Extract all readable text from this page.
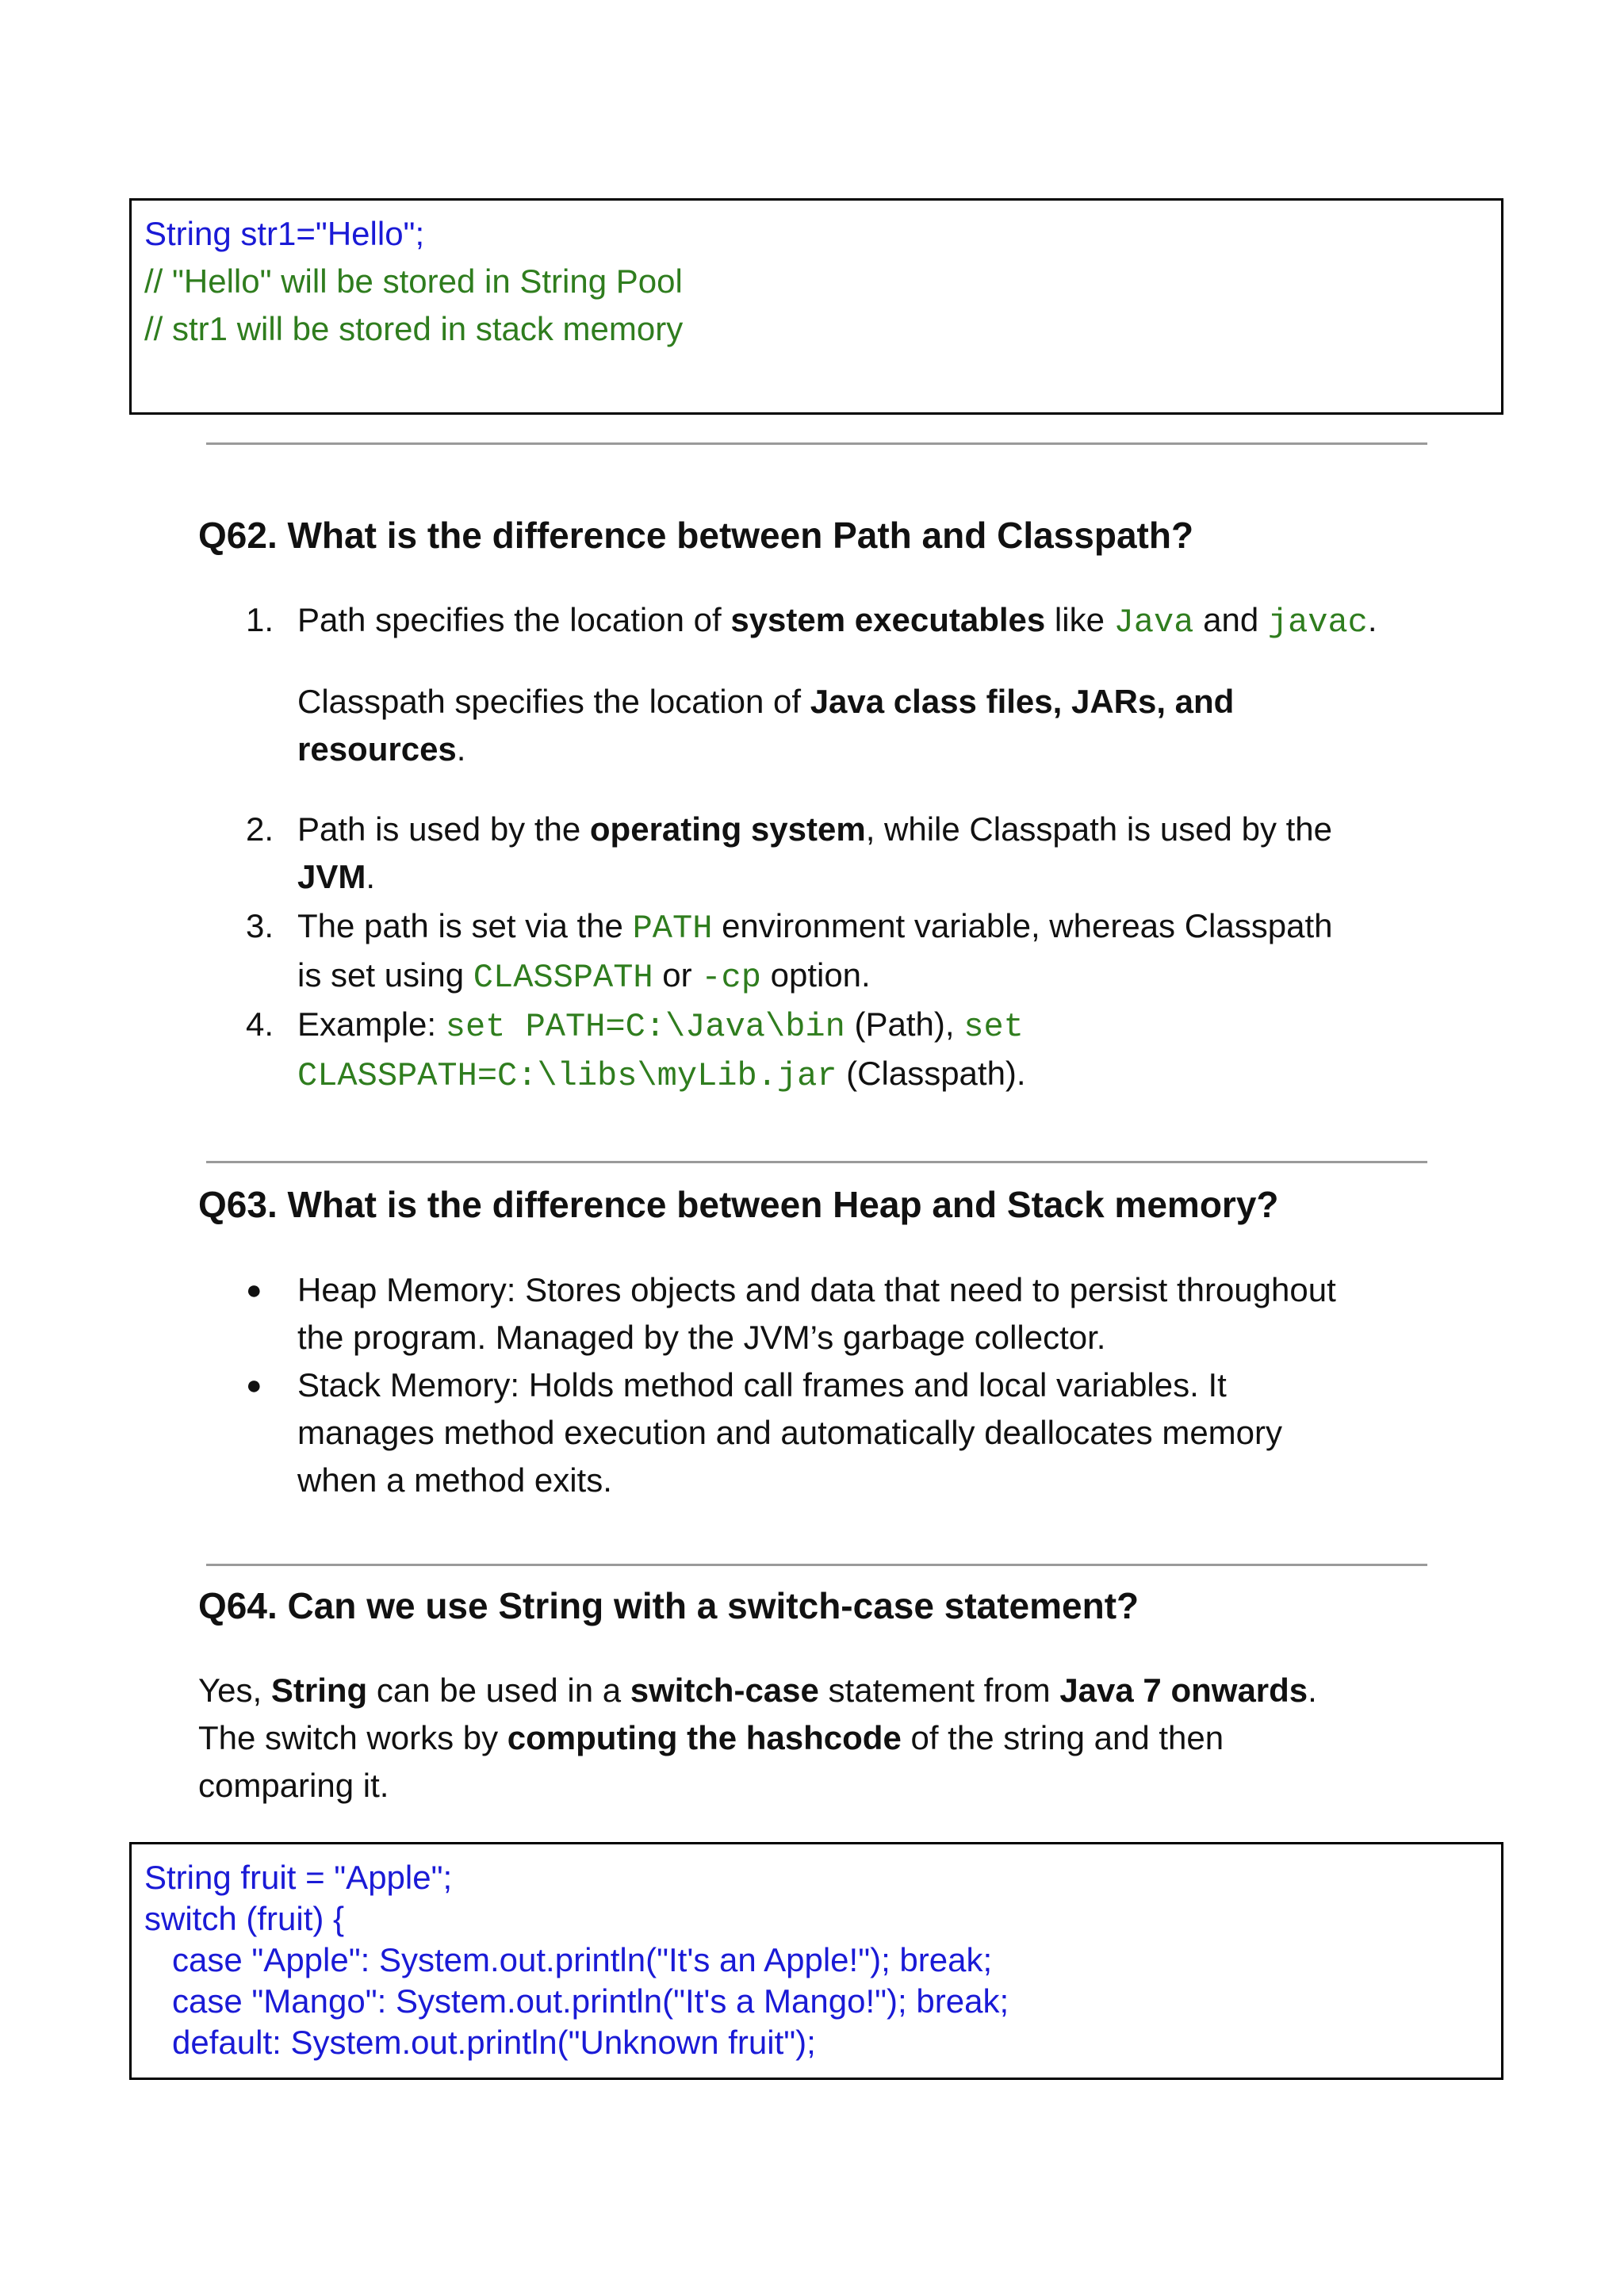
String str1="Hello";
// "Hello" will be stored in String Pool
// str1 will be stored in stack memory
Q62. What is the difference between Path and Classpath?
1. Path specifies the location of system executables like Java and javac.
Classpath specifies the location of Java class files, JARs, and
resources.
2. Path is used by the operating system, while Classpath is used by the
JVM.
3. The path is set via the PATH environment variable, whereas Classpath
is set using CLASSPATH or -cp option.
4. Example: set PATH=C:\Java\bin (Path), set
CLASSPATH=C:\libs\myLib.jar (Classpath).
Q63. What is the difference between Heap and Stack memory?
● Heap Memory: Stores objects and data that need to persist throughout
the program. Managed by the JVM’s garbage collector.
● Stack Memory: Holds method call frames and local variables. It
manages method execution and automatically deallocates memory
when a method exits.
Q64. Can we use String with a switch-case statement?
Yes, String can be used in a switch-case statement from Java 7 onwards.
The switch works by computing the hashcode of the string and then
comparing it.
String fruit = "Apple";
switch (fruit) {
case "Apple": System.out.println("It's an Apple!"); break;
case "Mango": System.out.println("It's a Mango!"); break;
default: System.out.println("Unknown fruit");
